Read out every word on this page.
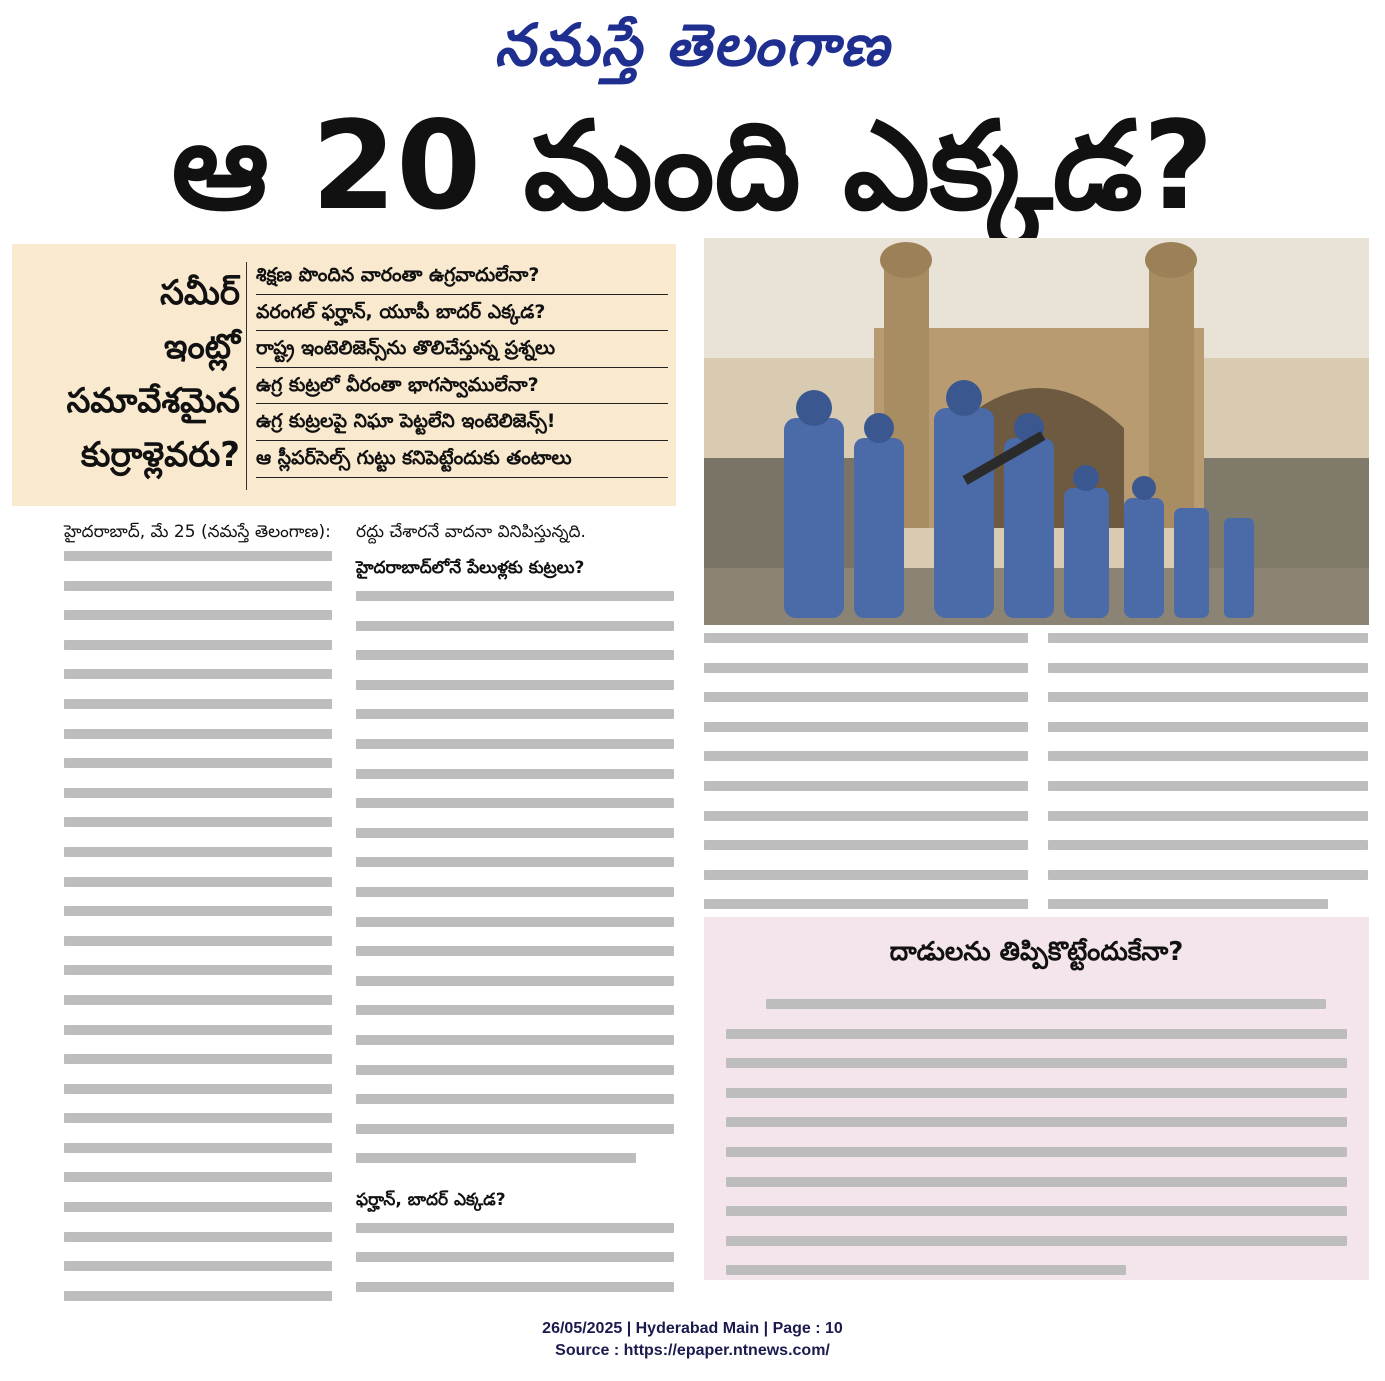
నమస్తే తెలంగాణ
ఆ 20 మంది ఎక్కడ?
సమీర్
ఇంట్లో
సమావేశమైన
కుర్రాళ్లెవరు?
శిక్షణ పొందిన వారంతా ఉగ్రవాదులేనా?
వరంగల్ ఫర్హాన్, యూపీ బాదర్ ఎక్కడ?
రాష్ట్ర ఇంటెలిజెన్స్‌ను తొలిచేస్తున్న ప్రశ్నలు
ఉగ్ర కుట్రలో వీరంతా భాగస్వాములేనా?
ఉగ్ర కుట్రలపై నిఘా పెట్టలేని ఇంటెలిజెన్స్!
ఆ స్లీపర్‌సెల్స్ గుట్టు కనిపెట్టేందుకు తంటాలు
హైదరాబాద్, మే 25 (నమస్తే తెలంగాణ): రద్దు చేశారనే వాదనా వినిపిస్తున్నది.
హైదరాబాద్‌లోనే పేలుళ్లకు కుట్రలు?
ఫర్హాన్, బాదర్ ఎక్కడ?
దాడులను తిప్పికొట్టేందుకేనా?
26/05/2025 | Hyderabad Main | Page : 10
Source : https://epaper.ntnews.com/
